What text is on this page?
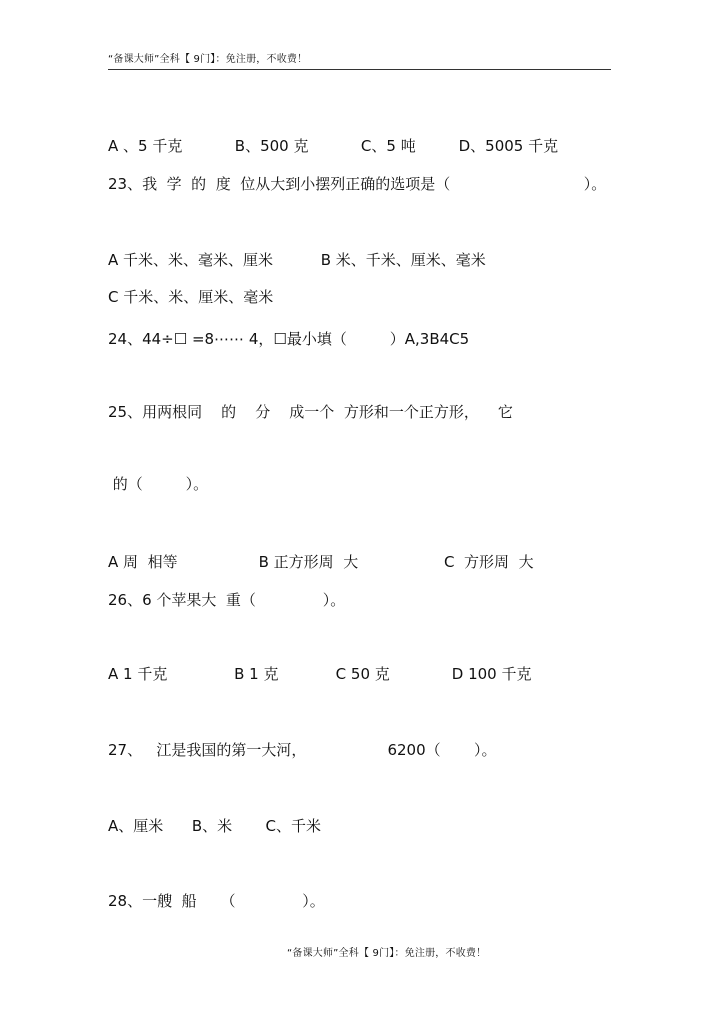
“备课大师”全科【 9门】：免注册，不收费！
A 、5 千克           B、500 克           C、5 吨         D、5005 千克
23、我  学  的  度  位从大到小摆列正确的选项是（                            ）。
A 千米、米、毫米、厘米          B 米、千米、厘米、毫米
C 千米、米、厘米、毫米
24、44÷☐ =8⋯⋯ 4，☐最小填（         ）A,3B4C5
25、用两根同    的    分    成一个  方形和一个正方形，    它
的（         ）。
A 周  相等                 B 正方形周  大                  C  方形周  大
26、6 个苹果大  重（              ）。
A 1 千克              B 1 克            C 50 克             D 100 千克
27、   江是我国的第一大河，                 6200（       ）。
A、厘米      B、米       C、千米
28、一艘  船     （              ）。
“备课大师”全科【 9门】：免注册，不收费！
